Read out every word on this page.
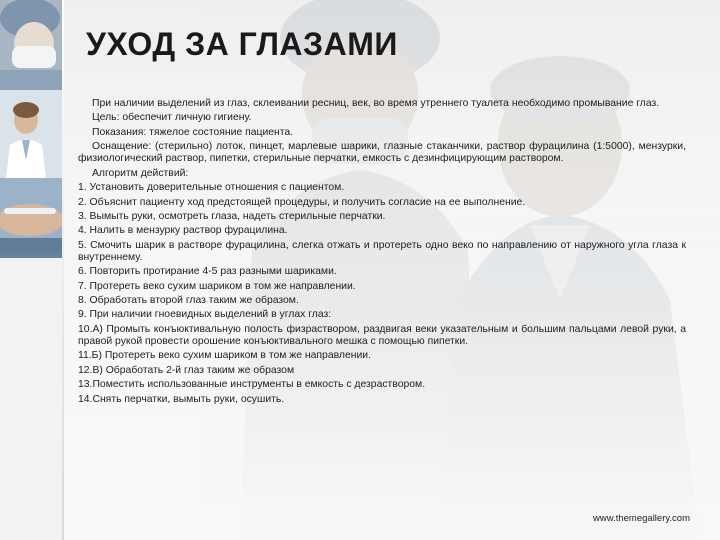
УХОД ЗА ГЛАЗАМИ

При наличии выделений из глаз, склеивании ресниц, век, во время утреннего туалета необходимо промывание глаз.

Цель: обеспечит личную гигиену.

Показания: тяжелое состояние пациента.

Оснащение: (стерильно) лоток, пинцет, марлевые шарики, глазные стаканчики, раствор фурацилина (1:5000), мензурки, физиологический раствор, пипетки, стерильные перчатки, емкость с дезинфицирующим раствором.

Алгоритм действий:

1. Установить доверительные отношения с пациентом.

2. Объяснит пациенту ход предстоящей процедуры, и получить согласие на ее выполнение.

3. Вымыть руки, осмотреть глаза, надеть стерильные перчатки.

4. Налить в мензурку раствор фурацилина.

5. Смочить шарик в растворе фурацилина, слегка отжать и протереть одно веко по направлению от наружного угла глаза к внутреннему.

6. Повторить протирание 4-5 раз разными шариками.

7. Протереть веко сухим шариком в том же направлении.

8. Обработать второй глаз таким же образом.

9. При наличии гноевидных выделений в углах глаз:

10.А) Промыть конъюктивальную полость физраствором, раздвигая веки указательным и большим пальцами левой руки, а правой рукой провести орошение конъюктивального мешка с помощью пипетки.

11.Б) Протереть веко сухим шариком в том же направлении.

12.В) Обработать 2-й глаз таким же образом

13.Поместить использованные инструменты в емкость с дезраствором.

14.Снять перчатки, вымыть руки, осушить.

www.themegallery.com
